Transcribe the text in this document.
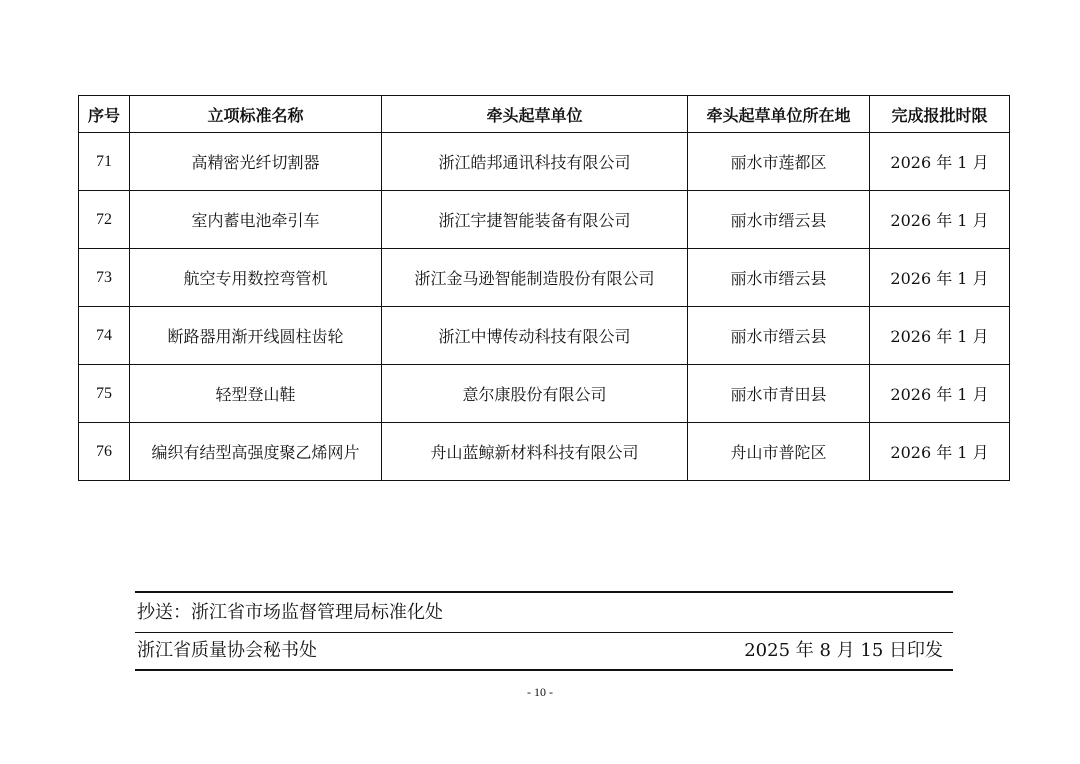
序号	立项标准名称	牵头起草单位	牵头起草单位所在地	完成报批时限
71	高精密光纤切割器	浙江皓邦通讯科技有限公司	丽水市莲都区	2026 年 1 月
72	室内蓄电池牵引车	浙江宇捷智能装备有限公司	丽水市缙云县	2026 年 1 月
73	航空专用数控弯管机	浙江金马逊智能制造股份有限公司	丽水市缙云县	2026 年 1 月
74	断路器用渐开线圆柱齿轮	浙江中博传动科技有限公司	丽水市缙云县	2026 年 1 月
75	轻型登山鞋	意尔康股份有限公司	丽水市青田县	2026 年 1 月
76	编织有结型高强度聚乙烯网片	舟山蓝鲸新材料科技有限公司	舟山市普陀区	2026 年 1 月
抄送：浙江省市场监督管理局标准化处
浙江省质量协会秘书处	2025 年 8 月 15 日印发
- 10 -
